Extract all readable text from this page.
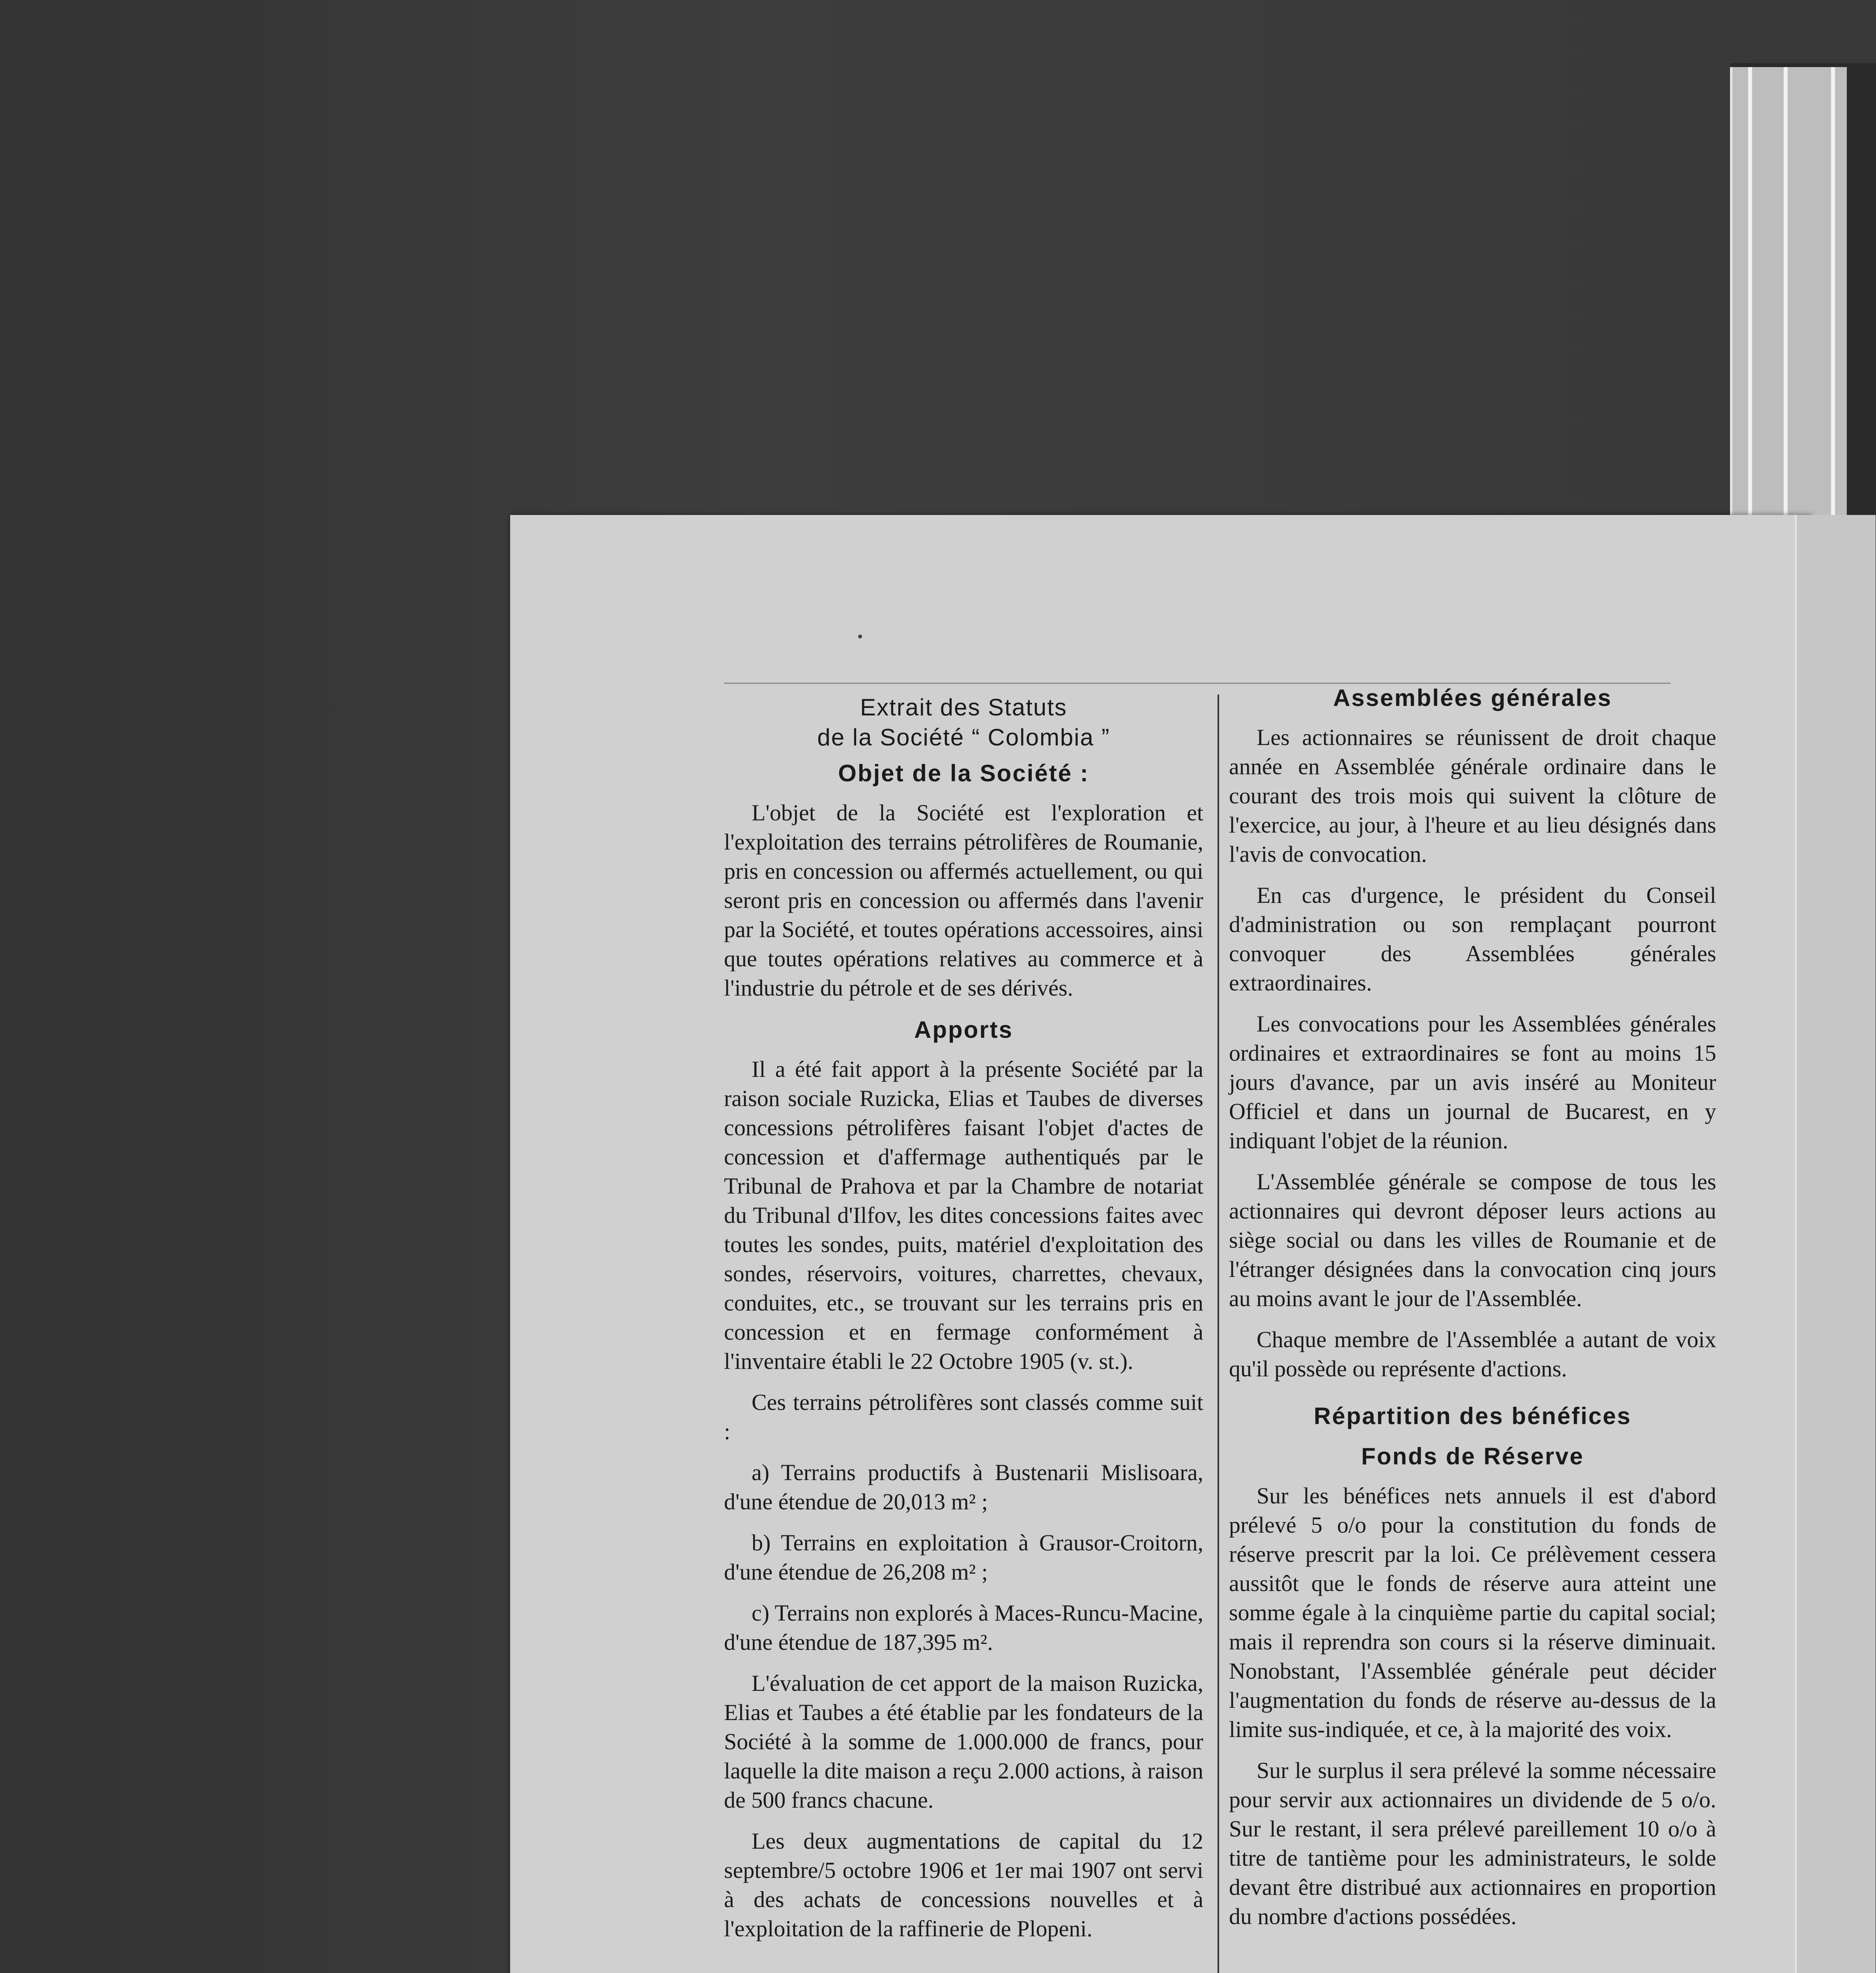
Extrait des Statuts
de la Société “ Colombia ”
Objet de la Société :

L'objet de la Société est l'exploration et l'exploitation des terrains pétrolifères de Roumanie, pris en concession ou affermés actuellement, ou qui seront pris en concession ou affermés dans l'avenir par la Société, et toutes opérations accessoires, ainsi que toutes opérations relatives au commerce et à l'industrie du pétrole et de ses dérivés.

Apports

Il a été fait apport à la présente Société par la raison sociale Ruzicka, Elias et Taubes de diverses concessions pétrolifères faisant l'objet d'actes de concession et d'affermage authentiqués par le Tribunal de Prahova et par la Chambre de notariat du Tribunal d'Ilfov, les dites concessions faites avec toutes les sondes, puits, matériel d'exploitation des sondes, réservoirs, voitures, charrettes, chevaux, conduites, etc., se trouvant sur les terrains pris en concession et en fermage conformément à l'inventaire établi le 22 Octobre 1905 (v. st.).

Ces terrains pétrolifères sont classés comme suit :

a) Terrains productifs à Bustenarii Mislisoara, d'une étendue de 20,013 m² ;

b) Terrains en exploitation à Grausor-Croitorn, d'une étendue de 26,208 m² ;

c) Terrains non explorés à Maces-Runcu-Macine, d'une étendue de 187,395 m².

L'évaluation de cet apport de la maison Ruzicka, Elias et Taubes a été établie par les fondateurs de la Société à la somme de 1.000.000 de francs, pour laquelle la dite maison a reçu 2.000 actions, à raison de 500 francs chacune.

Les deux augmentations de capital du 12 septembre/5 octobre 1906 et 1er mai 1907 ont servi à des achats de concessions nouvelles et à l'exploitation de la raffinerie de Plopeni.

Assemblées générales

Les actionnaires se réunissent de droit chaque année en Assemblée générale ordinaire dans le courant des trois mois qui suivent la clôture de l'exercice, au jour, à l'heure et au lieu désignés dans l'avis de convocation.

En cas d'urgence, le président du Conseil d'administration ou son remplaçant pourront convoquer des Assemblées générales extraordinaires.

Les convocations pour les Assemblées générales ordinaires et extraordinaires se font au moins 15 jours d'avance, par un avis inséré au Moniteur Officiel et dans un journal de Bucarest, en y indiquant l'objet de la réunion.

L'Assemblée générale se compose de tous les actionnaires qui devront déposer leurs actions au siège social ou dans les villes de Roumanie et de l'étranger désignées dans la convocation cinq jours au moins avant le jour de l'Assemblée.

Chaque membre de l'Assemblée a autant de voix qu'il possède ou représente d'actions.

Répartition des bénéfices
Fonds de Réserve

Sur les bénéfices nets annuels il est d'abord prélevé 5 o/o pour la constitution du fonds de réserve prescrit par la loi. Ce prélèvement cessera aussitôt que le fonds de réserve aura atteint une somme égale à la cinquième partie du capital social; mais il reprendra son cours si la réserve diminuait. Nonobstant, l'Assemblée générale peut décider l'augmentation du fonds de réserve au-dessus de la limite sus-indiquée, et ce, à la majorité des voix.

Sur le surplus il sera prélevé la somme nécessaire pour servir aux actionnaires un dividende de 5 o/o. Sur le restant, il sera prélevé pareillement 10 o/o à titre de tantième pour les administrateurs, le solde devant être distribué aux actionnaires en proportion du nombre d'actions possédées.
